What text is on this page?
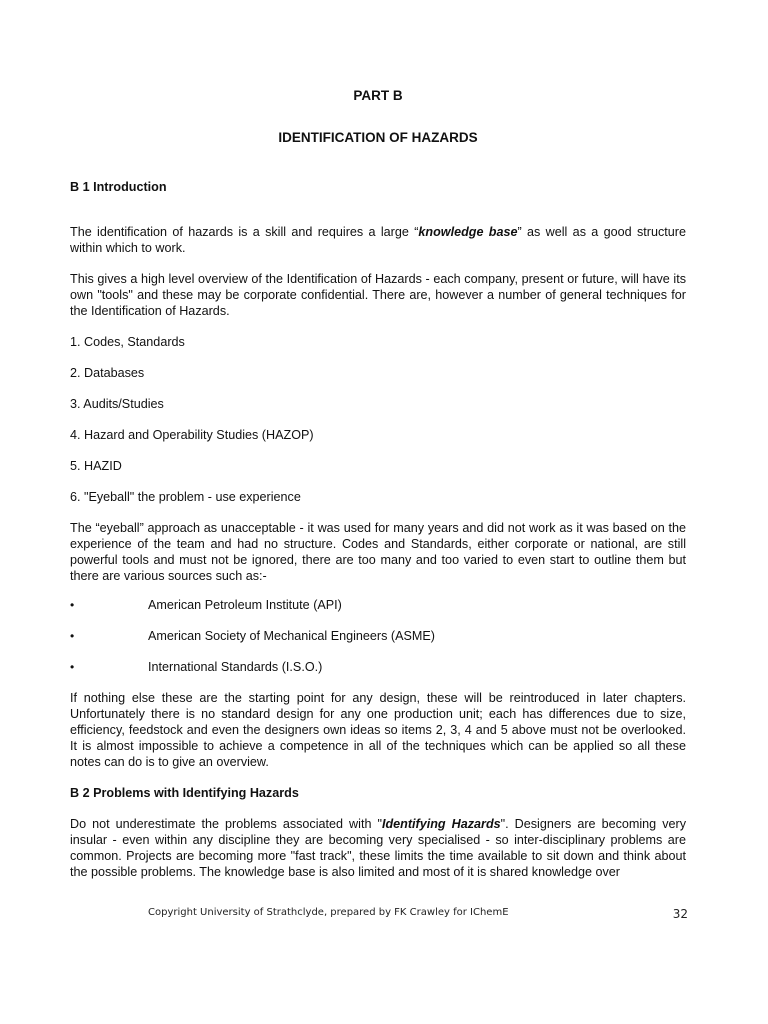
PART B
IDENTIFICATION OF HAZARDS
B 1 Introduction

The identification of hazards is a skill and requires a large “knowledge base” as well as a good structure within which to work.

This gives a high level overview of the Identification of Hazards - each company, present or future, will have its own "tools" and these may be corporate confidential. There are, however a number of general techniques for the Identification of Hazards.

1. Codes, Standards
2. Databases
3. Audits/Studies
4. Hazard and Operability Studies (HAZOP)
5. HAZID
6. "Eyeball" the problem - use experience

The “eyeball” approach as unacceptable - it was used for many years and did not work as it was based on the experience of the team and had no structure. Codes and Standards, either corporate or national, are still powerful tools and must not be ignored, there are too many and too varied to even start to outline them but there are various sources such as:-

•	American Petroleum Institute (API)
•	American Society of Mechanical Engineers (ASME)
•	International Standards (I.S.O.)

If nothing else these are the starting point for any design, these will be reintroduced in later chapters. Unfortunately there is no standard design for any one production unit; each has differences due to size, efficiency, feedstock and even the designers own ideas so items 2, 3, 4 and 5 above must not be overlooked. It is almost impossible to achieve a competence in all of the techniques which can be applied so all these notes can do is to give an overview.

B 2 Problems with Identifying Hazards

Do not underestimate the problems associated with "Identifying Hazards". Designers are becoming very insular - even within any discipline they are becoming very specialised - so inter-disciplinary problems are common. Projects are becoming more "fast track", these limits the time available to sit down and think about the possible problems. The knowledge base is also limited and most of it is shared knowledge over

Copyright University of Strathclyde, prepared by FK Crawley for IChemE	32
